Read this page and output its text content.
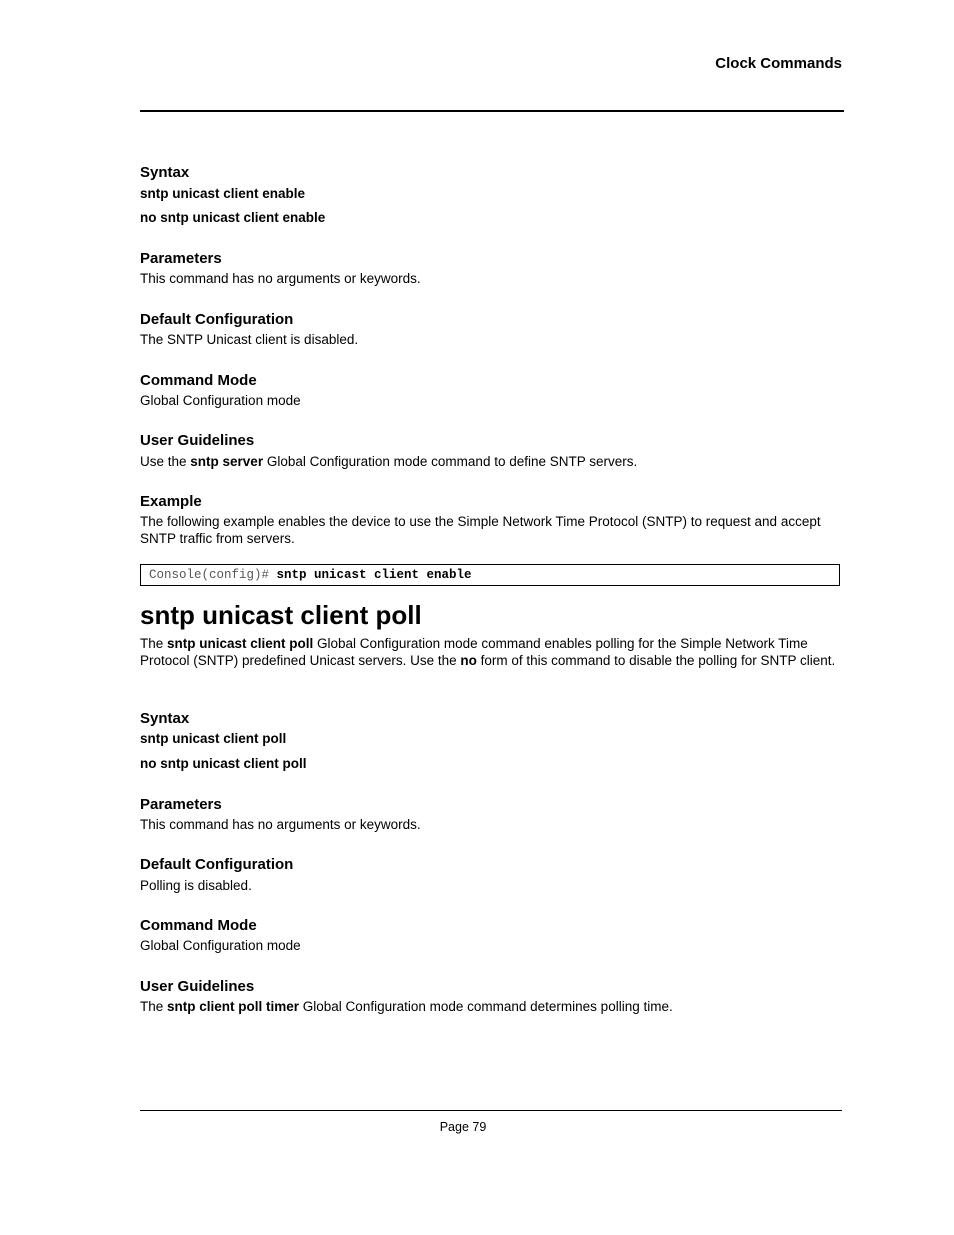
Clock Commands
Syntax
sntp unicast client enable
no sntp unicast client enable
Parameters
This command has no arguments or keywords.
Default Configuration
The SNTP Unicast client is disabled.
Command Mode
Global Configuration mode
User Guidelines
Use the sntp server Global Configuration mode command to define SNTP servers.
Example
The following example enables the device to use the Simple Network Time Protocol (SNTP) to request and accept SNTP traffic from servers.
Console(config)# sntp unicast client enable
sntp unicast client poll
The sntp unicast client poll Global Configuration mode command enables polling for the Simple Network Time Protocol (SNTP) predefined Unicast servers. Use the no form of this command to disable the polling for SNTP client.
Syntax
sntp unicast client poll
no sntp unicast client poll
Parameters
This command has no arguments or keywords.
Default Configuration
Polling is disabled.
Command Mode
Global Configuration mode
User Guidelines
The sntp client poll timer Global Configuration mode command determines polling time.
Page 79
